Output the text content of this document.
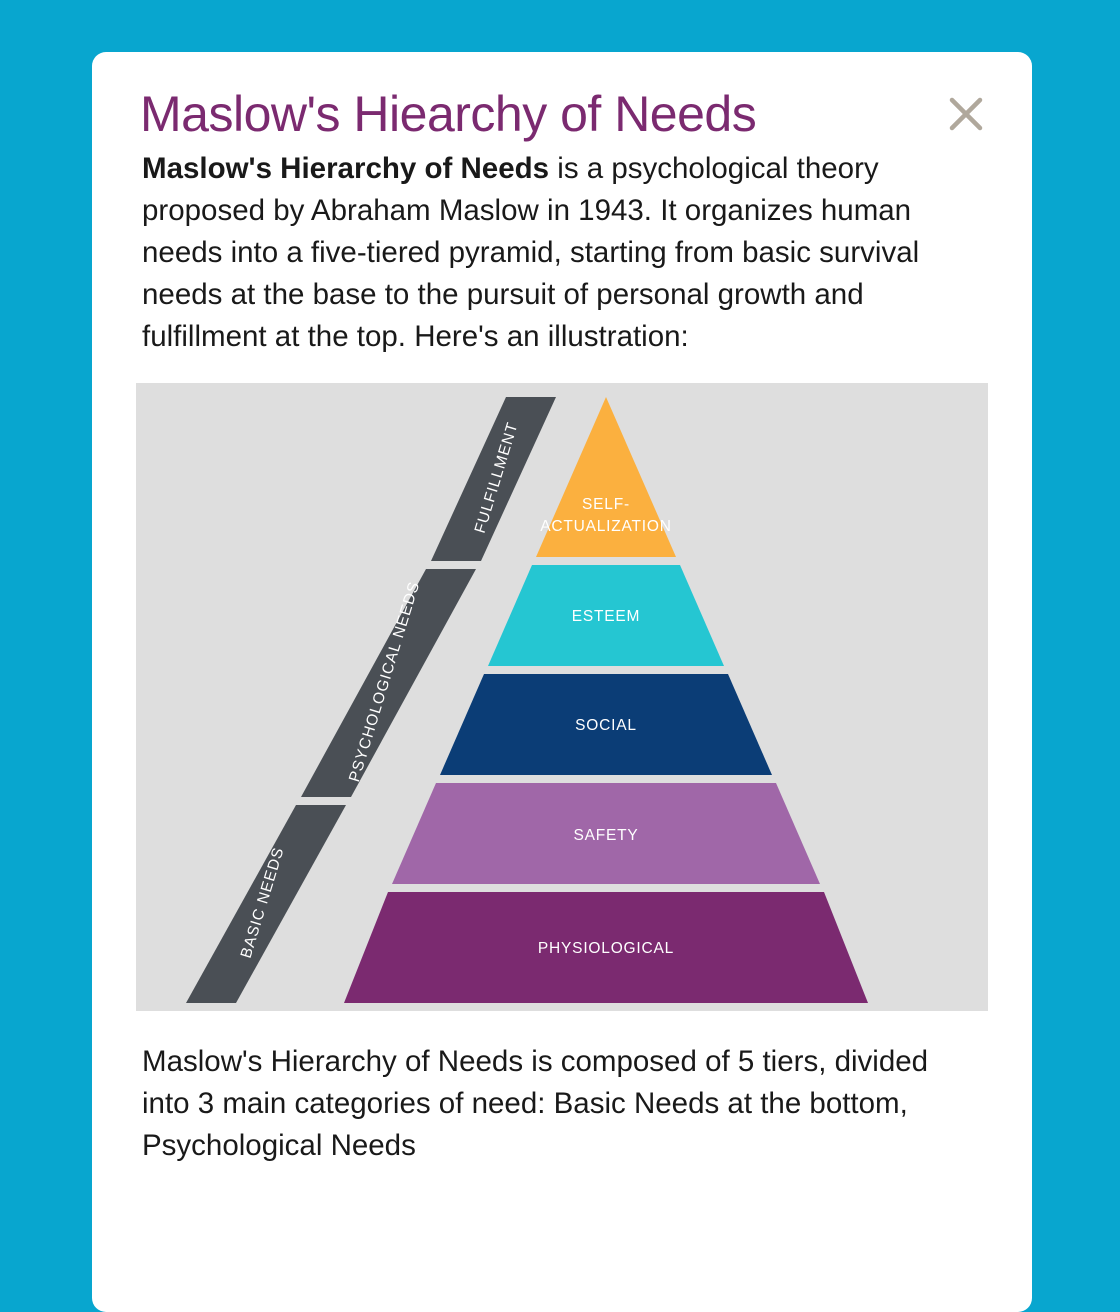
Maslow's Hiearchy of Needs
Maslow's Hierarchy of Needs is a psychological theory proposed by Abraham Maslow in 1943. It organizes human needs into a five-tiered pyramid, starting from basic survival needs at the base to the pursuit of personal growth and fulfillment at the top. Here's an illustration:
FULFILLMENT
PSYCHOLOGICAL NEEDS
BASIC NEEDS
SELF-
ACTUALIZATION
ESTEEM
SOCIAL
SAFETY
PHYSIOLOGICAL
Maslow's Hierarchy of Needs is composed of 5 tiers, divided into 3 main categories of need: Basic Needs at the bottom, Psychological Needs
